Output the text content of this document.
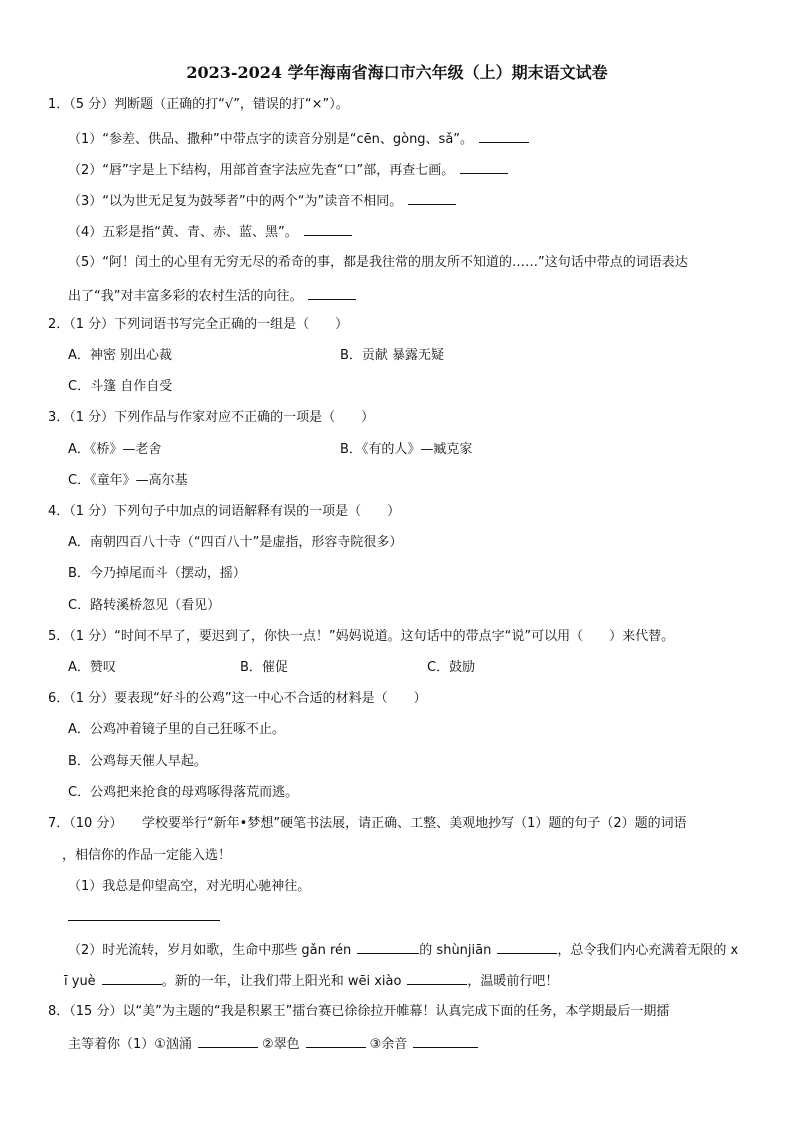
2023-2024 学年海南省海口市六年级（上）期末语文试卷
1．（5 分）判断题（正确的打“√”，错误的打“×”）。
（1）“参差、供品、撒种”中带点字的读音分别是“cēn、gòng、sǎ”。
（2）“唇”字是上下结构，用部首查字法应先查“口”部，再查七画。
（3）“以为世无足复为鼓琴者”中的两个“为”读音不相同。
（4）五彩是指“黄、青、赤、蓝、黑”。
（5）“阿！闰土的心里有无穷无尽的希奇的事，都是我往常的朋友所不知道的……”这句话中带点的词语表达
出了“我”对丰富多彩的农村生活的向往。
2．（1 分）下列词语书写完全正确的一组是（　　）
A．神密 别出心裁	B．贡献 暴露无疑
C．斗篷 自作自受
3．（1 分）下列作品与作家对应不正确的一项是（　　）
A．《桥》—老舍	B．《有的人》—臧克家
C．《童年》—高尔基
4．（1 分）下列句子中加点的词语解释有误的一项是（　　）
A．南朝四百八十寺（“四百八十”是虚指，形容寺院很多）
B．今乃掉尾而斗（摆动，摇）
C．路转溪桥忽见（看见）
5．（1 分）“时间不早了，要迟到了，你快一点！”妈妈说道。这句话中的带点字“说”可以用（　　）来代替。
A．赞叹	B．催促	C．鼓励
6．（1 分）要表现“好斗的公鸡”这一中心不合适的材料是（　　）
A．公鸡冲着镜子里的自己狂啄不止。
B．公鸡每天催人早起。
C．公鸡把来抢食的母鸡啄得落荒而逃。
7．（10 分）　　学校要举行“新年•梦想”硬笔书法展，请正确、工整、美观地抄写（1）题的句子（2）题的词语
，相信你的作品一定能入选！
（1）我总是仰望高空，对光明心驰神往。
（2）时光流转，岁月如歌，生命中那些 gǎn rén	的 shùnjiān	，总令我们内心充满着无限的 x
ī yuè	。新的一年，让我们带上阳光和 wēi xiào	，温暖前行吧！
8．（15 分）以“美”为主题的“我是积累王”擂台赛已徐徐拉开帷幕！认真完成下面的任务，本学期最后一期擂
主等着你（1）①汹涌	②翠色	③余音
